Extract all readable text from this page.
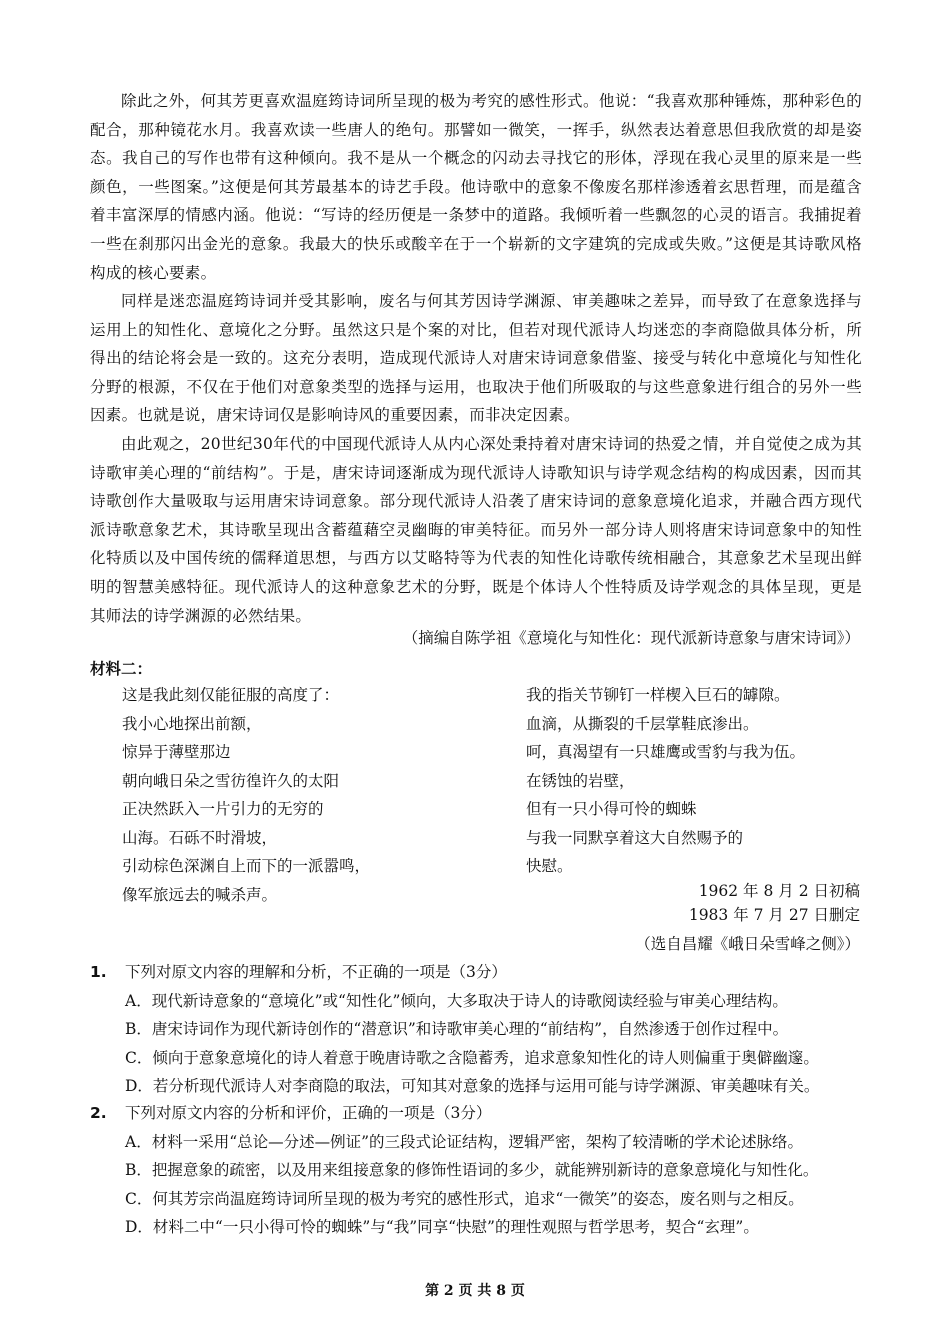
除此之外，何其芳更喜欢温庭筠诗词所呈现的极为考究的感性形式。他说：“我喜欢那种锤炼，那种彩色的配合，那种镜花水月。我喜欢读一些唐人的绝句。那譬如一微笑，一挥手，纵然表达着意思但我欣赏的却是姿态。我自己的写作也带有这种倾向。我不是从一个概念的闪动去寻找它的形体，浮现在我心灵里的原来是一些颜色，一些图案。”这便是何其芳最基本的诗艺手段。他诗歌中的意象不像废名那样渗透着玄思哲理，而是蕴含着丰富深厚的情感内涵。他说：“写诗的经历便是一条梦中的道路。我倾听着一些飘忽的心灵的语言。我捕捉着一些在刹那闪出金光的意象。我最大的快乐或酸辛在于一个崭新的文字建筑的完成或失败。”这便是其诗歌风格构成的核心要素。

同样是迷恋温庭筠诗词并受其影响，废名与何其芳因诗学渊源、审美趣味之差异，而导致了在意象选择与运用上的知性化、意境化之分野。虽然这只是个案的对比，但若对现代派诗人均迷恋的李商隐做具体分析，所得出的结论将会是一致的。这充分表明，造成现代派诗人对唐宋诗词意象借鉴、接受与转化中意境化与知性化分野的根源，不仅在于他们对意象类型的选择与运用，也取决于他们所吸取的与这些意象进行组合的另外一些因素。也就是说，唐宋诗词仅是影响诗风的重要因素，而非决定因素。

由此观之，20世纪30年代的中国现代派诗人从内心深处秉持着对唐宋诗词的热爱之情，并自觉使之成为其诗歌审美心理的“前结构”。于是，唐宋诗词逐渐成为现代派诗人诗歌知识与诗学观念结构的构成因素，因而其诗歌创作大量吸取与运用唐宋诗词意象。部分现代派诗人沿袭了唐宋诗词的意象意境化追求，并融合西方现代派诗歌意象艺术，其诗歌呈现出含蓄蕴藉空灵幽晦的审美特征。而另外一部分诗人则将唐宋诗词意象中的知性化特质以及中国传统的儒释道思想，与西方以艾略特等为代表的知性化诗歌传统相融合，其意象艺术呈现出鲜明的智慧美感特征。现代派诗人的这种意象艺术的分野，既是个体诗人个性特质及诗学观念的具体呈现，更是其师法的诗学渊源的必然结果。

（摘编自陈学祖《意境化与知性化：现代派新诗意象与唐宋诗词》）
材料二：
这是我此刻仅能征服的高度了：
我小心地探出前额，
惊异于薄壁那边
朝向峨日朵之雪彷徨许久的太阳
正决然跃入一片引力的无穷的
山海。石砾不时滑坡，
引动棕色深渊自上而下的一派嚣鸣，
像军旅远去的喊杀声。
我的指关节铆钉一样楔入巨石的罅隙。
血滴，从撕裂的千层掌鞋底渗出。
呵，真渴望有一只雄鹰或雪豹与我为伍。
在锈蚀的岩壁，
但有一只小得可怜的蜘蛛
与我一同默享着这大自然赐予的
快慰。
1962 年 8 月 2 日初稿
1983 年 7 月 27 日删定
（选自昌耀《峨日朵雪峰之侧》）
1. 下列对原文内容的理解和分析，不正确的一项是（3分）
A．现代新诗意象的“意境化”或“知性化”倾向，大多取决于诗人的诗歌阅读经验与审美心理结构。
B．唐宋诗词作为现代新诗创作的“潜意识”和诗歌审美心理的“前结构”，自然渗透于创作过程中。
C．倾向于意象意境化的诗人着意于晚唐诗歌之含隐蓄秀，追求意象知性化的诗人则偏重于奥僻幽邃。
D．若分析现代派诗人对李商隐的取法，可知其对意象的选择与运用可能与诗学渊源、审美趣味有关。
2. 下列对原文内容的分析和评价，正确的一项是（3分）
A．材料一采用“总论—分述—例证”的三段式论证结构，逻辑严密，架构了较清晰的学术论述脉络。
B．把握意象的疏密，以及用来组接意象的修饰性语词的多少，就能辨别新诗的意象意境化与知性化。
C．何其芳宗尚温庭筠诗词所呈现的极为考究的感性形式，追求“一微笑”的姿态，废名则与之相反。
D．材料二中“一只小得可怜的蜘蛛”与“我”同享“快慰”的理性观照与哲学思考，契合“玄理”。
第 2 页 共 8 页
